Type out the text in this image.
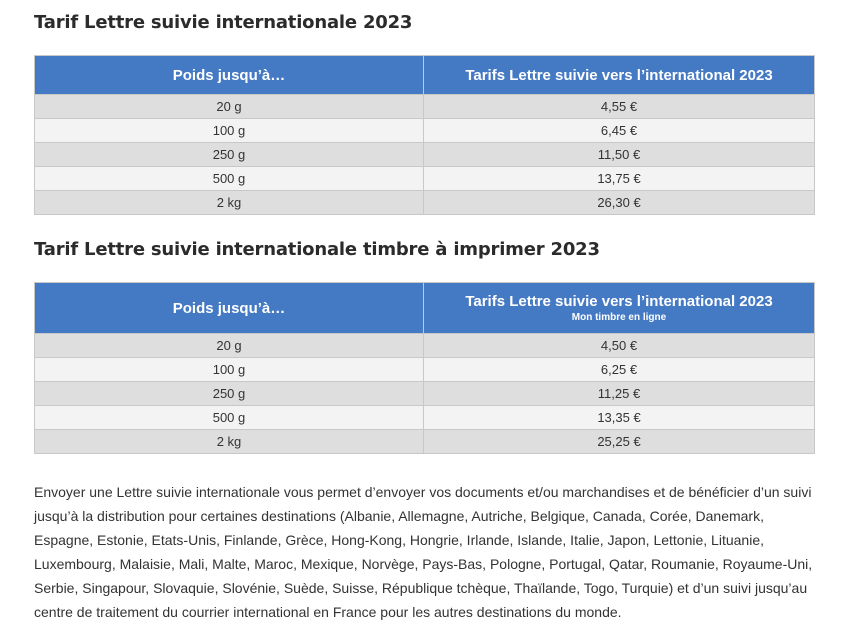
Tarif Lettre suivie internationale 2023
Poids jusqu’à…	Tarifs Lettre suivie vers l’international 2023
20 g	4,55 €
100 g	6,45 €
250 g	11,50 €
500 g	13,75 €
2 kg	26,30 €
Tarif Lettre suivie internationale timbre à imprimer 2023
Poids jusqu’à…	Tarifs Lettre suivie vers l’international 2023
Mon timbre en ligne

20 g	4,50 €
100 g	6,25 €
250 g	11,25 €
500 g	13,35 €
2 kg	25,25 €

Envoyer une Lettre suivie internationale vous permet d’envoyer vos documents et/ou marchandises et de bénéficier d’un suivi jusqu’à la distribution pour certaines destinations (Albanie, Allemagne, Autriche, Belgique, Canada, Corée, Danemark, Espagne, Estonie, Etats-Unis, Finlande, Grèce, Hong-Kong, Hongrie, Irlande, Islande, Italie, Japon, Lettonie, Lituanie, Luxembourg, Malaisie, Mali, Malte, Maroc, Mexique, Norvège, Pays-Bas, Pologne, Portugal, Qatar, Roumanie, Royaume-Uni, Serbie, Singapour, Slovaquie, Slovénie, Suède, Suisse, République tchèque, Thaïlande, Togo, Turquie) et d’un suivi jusqu’au centre de traitement du courrier international en France pour les autres destinations du monde.
